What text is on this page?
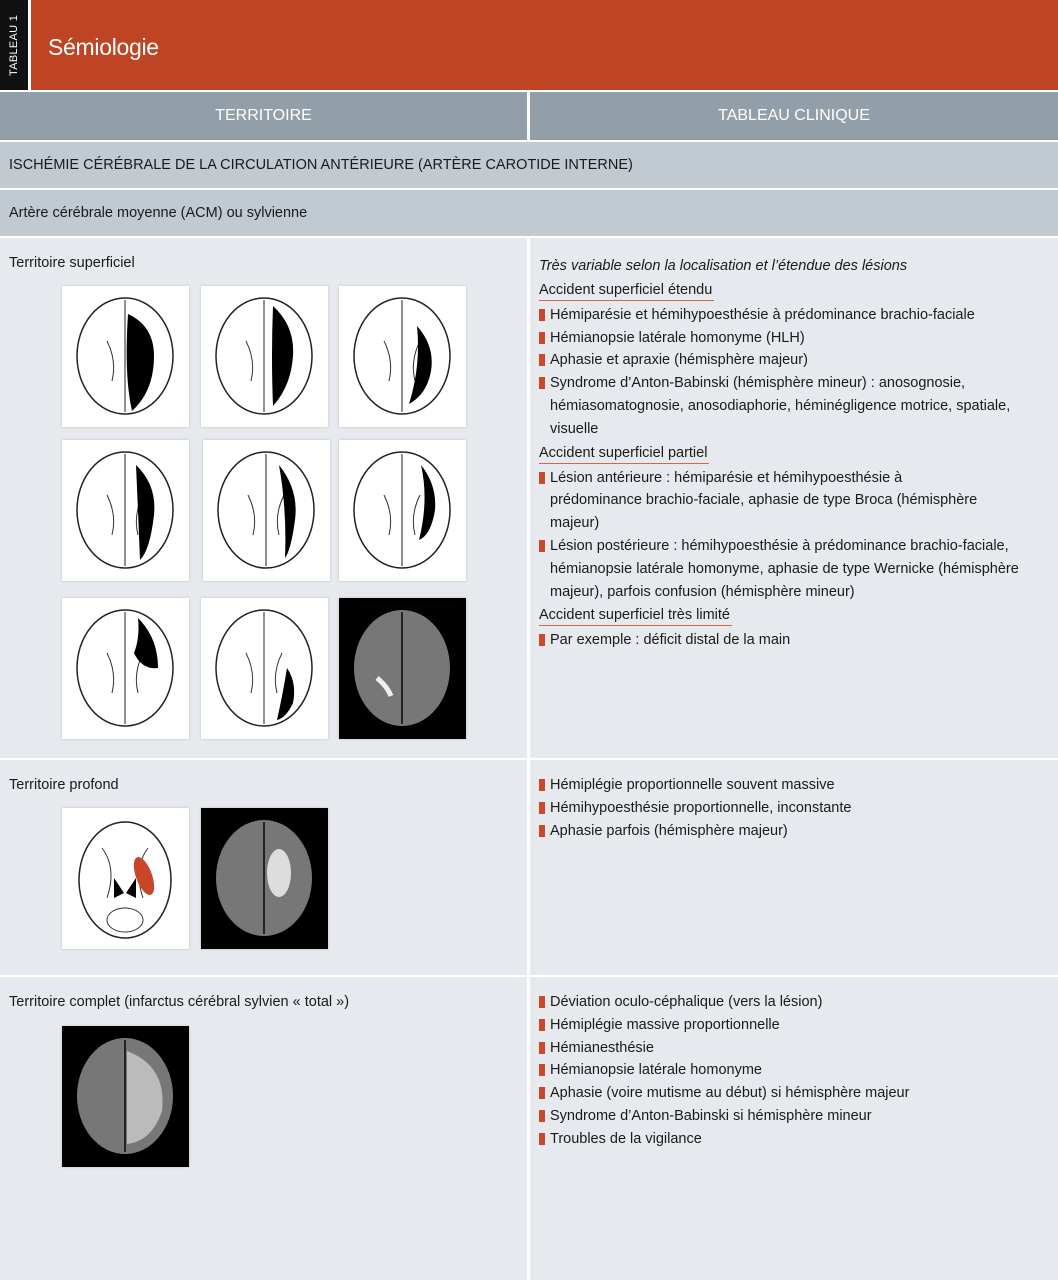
TABLEAU 1	Sémiologie
TERRITOIRE	TABLEAU CLINIQUE
ISCHÉMIE CÉRÉBRALE DE LA CIRCULATION ANTÉRIEURE (ARTÈRE CAROTIDE INTERNE)
Artère cérébrale moyenne (ACM) ou sylvienne
Territoire superficiel	Très variable selon la localisation et l’étendue des lésions
Accident superficiel étendu
Hémiparésie et hémihypoesthésie à prédominance brachio-faciale
Hémianopsie latérale homonyme (HLH)
Aphasie et apraxie (hémisphère majeur)
Syndrome d’Anton-Babinski (hémisphère mineur) : anosognosie, hémiasomatognosie, anosodiaphorie, héminégligence motrice, spatiale, visuelle
Accident superficiel partiel
Lésion antérieure : hémiparésie et hémihypoesthésie à prédominance brachio-faciale, aphasie de type Broca (hémisphère majeur)
Lésion postérieure : hémihypoesthésie à prédominance brachio-faciale, hémianopsie latérale homonyme, aphasie de type Wernicke (hémisphère majeur), parfois confusion (hémisphère mineur)
Accident superficiel très limité
Par exemple : déficit distal de la main
Territoire profond	Hémiplégie proportionnelle souvent massive
Hémihypoesthésie proportionnelle, inconstante
Aphasie parfois (hémisphère majeur)
Territoire complet (infarctus cérébral sylvien « total »)	Déviation oculo-céphalique (vers la lésion)
Hémiplégie massive proportionnelle
Hémianesthésie
Hémianopsie latérale homonyme
Aphasie (voire mutisme au début) si hémisphère majeur
Syndrome d’Anton-Babinski si hémisphère mineur
Troubles de la vigilance
